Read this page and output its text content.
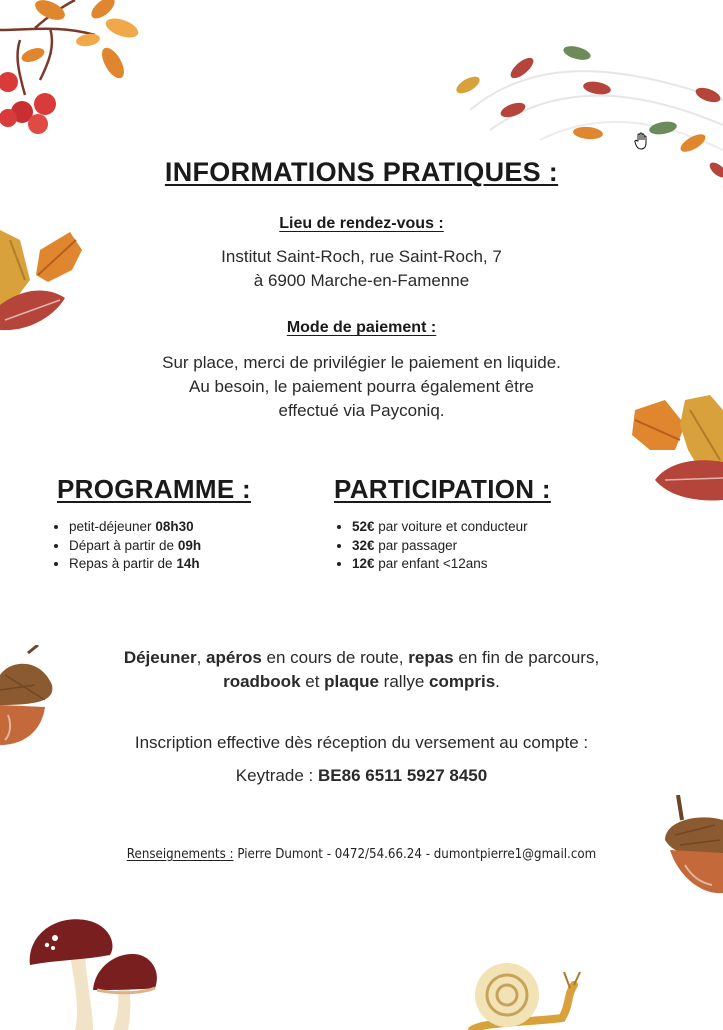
INFORMATIONS PRATIQUES :
Lieu de rendez-vous :
Institut Saint-Roch, rue Saint-Roch, 7
à 6900 Marche-en-Famenne
Mode de paiement :
Sur place, merci de privilégier le paiement en liquide.
Au besoin, le paiement pourra également être
effectué via Payconiq.
PROGRAMME :
• petit-déjeuner 08h30
• Départ à partir de 09h
• Repas à partir de 14h
PARTICIPATION :
• 52€ par voiture et conducteur
• 32€ par passager
• 12€ par enfant <12ans
Déjeuner, apéros en cours de route, repas en fin de parcours,
roadbook et plaque rallye compris.
Inscription effective dès réception du versement au compte :
Keytrade : BE86 6511 5927 8450
Renseignements : Pierre Dumont - 0472/54.66.24 - dumontpierre1@gmail.com
